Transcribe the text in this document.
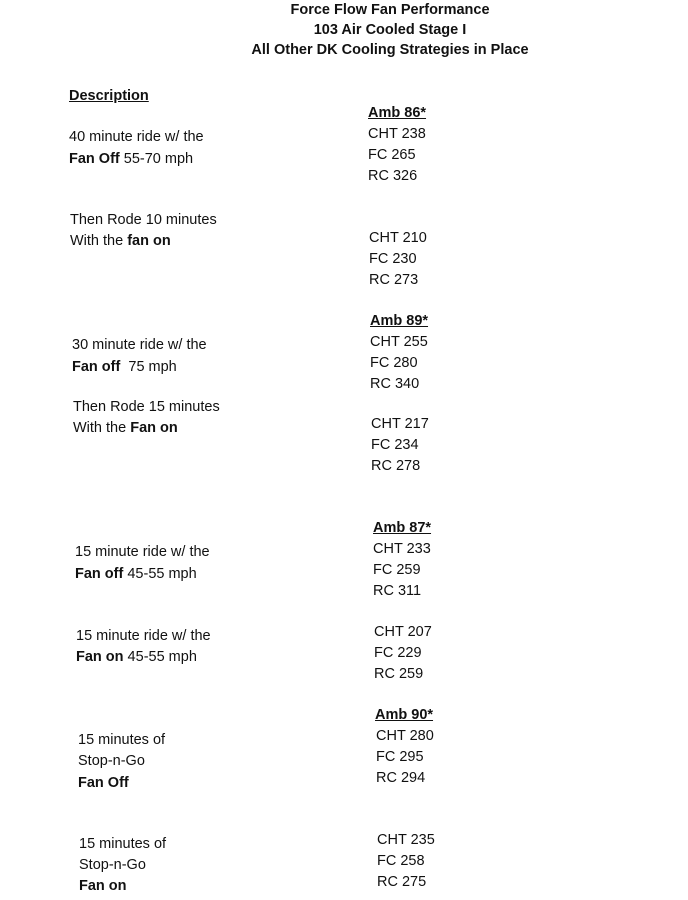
Force Flow Fan Performance
103 Air Cooled Stage I
All Other DK Cooling Strategies in Place
Description
Amb 86*
40 minute ride w/ the
Fan Off 55-70 mph
CHT 238
FC 265
RC 326
Then Rode 10 minutes
With the fan on	CHT 210
FC 230
RC 273
Amb 89*
30 minute ride w/ the
Fan off  75 mph
CHT 255
FC 280
RC 340
Then Rode 15 minutes
With the Fan on	CHT 217
FC 234
RC 278
Amb 87*
15 minute ride w/ the
Fan off 45-55 mph
CHT 233
FC 259
RC 311
15 minute ride w/ the
Fan on 45-55 mph
CHT 207
FC 229
RC 259
Amb 90*
15 minutes of
Stop-n-Go
Fan Off
CHT 280
FC 295
RC 294
15 minutes of
Stop-n-Go
Fan on
CHT 235
FC 258
RC 275
